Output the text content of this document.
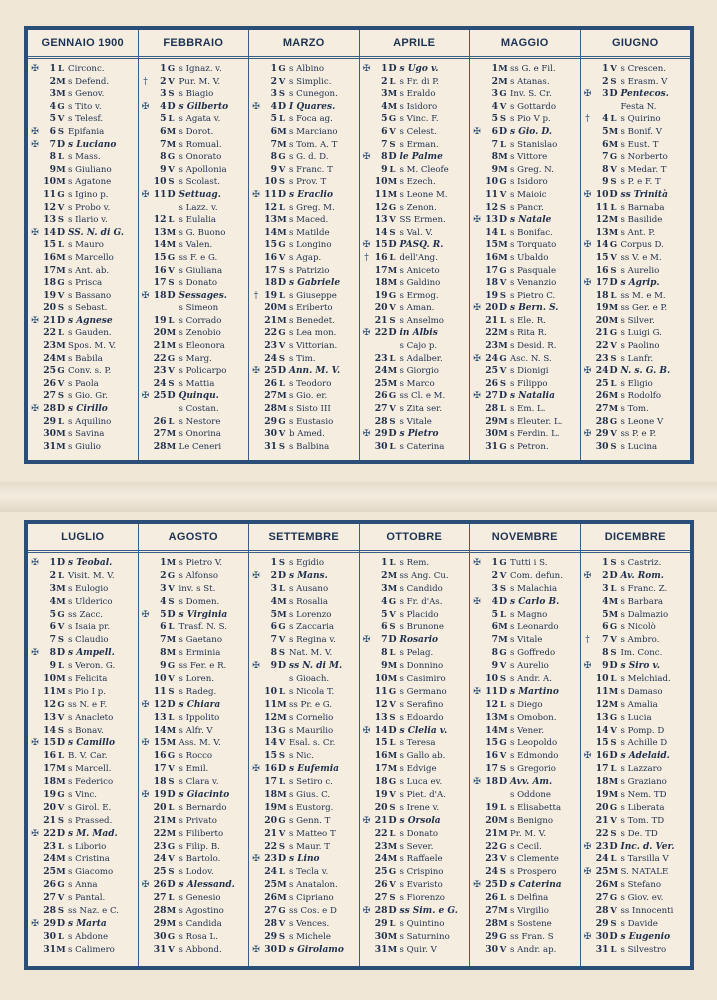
GENNAIO 1900
✠	1 L Circonc.
2 M s Defend.
3 M s Genov.
4 G s Tito v.
5 V s Telesf.
✠	6 S Epifania
✠	7 D s Luciano
8 L s Mass.
9 M s Giuliano
10 M s Agatone
11 G s Igino p.
12 V s Probo v.
13 S s Ilario v.
✠ 14 D SS. N. di G.
15 L s Mauro
16 M s Marcello
17 M s Ant. ab.
18 G s Prisca
19 V s Bassano
20 S s Sebast.
✠ 21 D s Agnese
22 L s Gauden.
23 M Spos. M. V.
24 M s Babila
25 G Conv. s. P.
26 V s Paola
27 S s Gio. Gr.
✠ 28 D s Cirillo
29 L s Aquilino
30 M s Savina
31 M s Giulio
FEBBRAIO
1 G s Ignaz. v.
†	2 V Pur. M. V.
3 S s Biagio
✠	4 D s Gilberto
5 L s Agata v.
6 M s Dorot.
7 M s Romual.
8 G s Onorato
9 V s Apollonia
10 S s Scolast.
✠ 11 D Settuag.
s Lazz. v.
12 L s Eulalia
13 M s G. Buono
14 M s Valen.
15 G ss F. e G.
16 V s Giuliana
17 S s Donato
✠ 18 D Sessages.
s Simeon
19 L s Corrado
20 M s Zenobio
21 M s Eleonora
22 G s Marg.
23 V s Policarpo
24 S s Mattia
✠ 25 D Quinqu.
s Costan.
26 L s Nestore
27 M s Onorina
28 M Le Ceneri
MARZO
1 G s Albino
2 V s Simplic.
3 S s Cunegon.
✠	4 D I Quares.
5 L s Foca ag.
6 M s Marciano
7 M s Tom. A. T
8 G s G. d. D.
9 V s Franc. T
10 S s Prov. T
✠ 11 D s Eraclio
12 L s Greg. M.
13 M s Maced.
14 M s Matilde
15 G s Longino
16 V s Agap.
17 S s Patrizio
18 D s Gabriele
† 19 L s Giuseppe
20 M s Eriberto
21 M s Benedet.
22 G s Lea mon.
23 V s Vittorian.
24 S s Tim.
✠ 25 D Ann. M. V.
26 L s Teodoro
27 M s Gio. er.
28 M s Sisto III
29 G s Eustasio
30 V b Amed.
31 S s Balbina
APRILE
✠	1 D s Ugo v.
2 L s Fr. di P.
3 M s Eraldo
4 M s Isidoro
5 G s Vinc. F.
6 V s Celest.
7 S s Erman.
✠	8 D le Palme
9 L s M. Cleofe
10 M s Ezech.
11 M s Leone M.
12 G s Zenon.
13 V SS Ermen.
14 S s Val. V.
✠ 15 D PASQ. R.
† 16 L dell'Ang.
17 M s Aniceto
18 M s Galdino
19 G s Ermog.
20 V s Aman.
21 S s Anselmo
✠ 22 D in Albis
s Cajo p.
23 L s Adalber.
24 M s Giorgio
25 M s Marco
26 G ss Cl. e M.
27 V s Zita ser.
28 S s Vitale
✠ 29 D s Pietro
30 L s Caterina
MAGGIO
1 M ss G. e Fil.
2 M s Atanas.
3 G Inv. S. Cr.
4 V s Gottardo
5 S s Pio V p.
✠	6 D s Gio. D.
7 L s Stanislao
8 M s Vittore
9 M s Greg. N.
10 G s Isidoro
11 V s Maioic
12 S s Pancr.
✠ 13 D s Natale
14 L s Bonifac.
15 M s Torquato
16 M s Ubaldo
17 G s Pasquale
18 V s Venanzio
19 S s Pietro C.
✠ 20 D s Bern. S.
21 L s Ele. R.
22 M s Rita R.
23 M s Desid. R.
✠ 24 G Asc. N. S.
25 V s Dionigi
26 S s Filippo
✠ 27 D s Natalia
28 L s Em. L.
29 M s Eleuter. L.
30 M s Ferdin. L.
31 G s Petron.
GIUGNO
1 V s Crescen.
2 S s Erasm. V
✠	3 D Pentecos.
Festa N.
†	4 L s Quirino
5 M s Bonif. V
6 M s Eust. T
7 G s Norberto
8 V s Medar. T
9 S s P. e F. T
✠ 10 D ss Trinità
11 L s Barnaba
12 M s Basilide
13 M s Ant. P.
✠ 14 G Corpus D.
15 V ss V. e M.
16 S s Aurelio
✠ 17 D s Agrip.
18 L ss M. e M.
19 M ss Ger. e P.
20 M s Silver.
21 G s Luigi G.
22 V s Paolino
23 S s Lanfr.
✠ 24 D N. s. G. B.
25 L s Eligio
26 M s Rodolfo
27 M s Tom.
28 G s Leone V
✠ 29 V ss P. e P.
30 S s Lucina
LUGLIO
✠	1 D s Teobal.
2 L Visit. M. V.
3 M s Eulogio
4 M s Ulderico
5 G ss Zacc.
6 V s Isaia pr.
7 S s Claudio
✠	8 D s Ampell.
9 L s Veron. G.
10 M s Felicita
11 M s Pio I p.
12 G ss N. e F.
13 V s Anacleto
14 S s Bonav.
✠ 15 D s Camillo
16 L B. V. Car.
17 M s Marcell.
18 M s Federico
19 G s Vinc.
20 V s Girol. E.
21 S s Prassed.
✠ 22 D s M. Mad.
23 L s Liborio
24 M s Cristina
25 M s Giacomo
26 G s Anna
27 V s Pantal.
28 S ss Naz. e C.
✠ 29 D s Marta
30 L s Abdone
31 M s Calimero
AGOSTO
1 M s Pietro V.
2 G s Alfonso
3 V inv. s St.
4 S s Domen.
✠	5 D s Virginia
6 L Trasf. N. S.
7 M s Gaetano
8 M s Erminia
9 G ss Fer. e R.
10 V s Loren.
11 S s Radeg.
✠ 12 D s Chiara
13 L s Ippolito
14 M s Alfr. V
✠ 15 M Ass. M. V.
16 G s Rocco
17 V s Emil.
18 S s Clara v.
✠ 19 D s Giacinto
20 L s Bernardo
21 M s Privato
22 M s Filiberto
23 G s Filip. B.
24 V s Bartolo.
25 S s Lodov.
✠ 26 D s Alessand.
27 L s Genesio
28 M s Agostino
29 M s Candida
30 G s Rosa L.
31 V s Abbond.
SETTEMBRE
1 S s Egidio
✠	2 D s Mans.
3 L s Ausano
4 M s Rosalia
5 M s Lorenzo
6 G s Zaccaria
7 V s Regina v.
8 S Nat. M. V.
✠	9 D ss N. di M.
s Gioach.
10 L s Nicola T.
11 M ss Pr. e G.
12 M s Cornelio
13 G s Maurilio
14 V Esal. s. Cr.
15 S s Nic.
✠ 16 D s Eufemia
17 L s Setiro c.
18 M s Gius. C.
19 M s Eustorg.
20 G s Genn. T
21 V s Matteo T
22 S s Maur. T
✠ 23 D s Lino
24 L s Tecla v.
25 M s Anatalon.
26 M s Cipriano
27 G ss Cos. e D
28 V s Vences.
29 S s Michele
✠ 30 D s Girolamo
OTTOBRE
1 L s Rem.
2 M ss Ang. Cu.
3 M s Candido
4 G s Fr. d'As.
5 V s Placido
6 S s Brunone
✠	7 D Rosario
8 L s Pelag.
9 M s Donnino
10 M s Casimiro
11 G s Germano
12 V s Serafino
13 S s Edoardo
✠ 14 D s Clelia v.
15 L s Teresa
16 M s Gallo ab.
17 M s Edvige
18 G s Luca ev.
19 V s Piet. d'A.
20 S s Irene v.
✠ 21 D s Orsola
22 L s Donato
23 M s Sever.
24 M s Raffaele
25 G s Crispino
26 V s Evaristo
27 S s Fiorenzo
✠ 28 D ss Sim. e G.
29 L s Quintino
30 M s Saturnino
31 M s Quir. V
NOVEMBRE
✠	1 G Tutti i S.
2 V Com. defun.
3 S s Malachia
✠	4 D s Carlo B.
5 L s Magno
6 M s Leonardo
7 M s Vitale
8 G s Goffredo
9 V s Aurelio
10 S s Andr. A.
✠ 11 D s Martino
12 L s Diego
13 M s Omobon.
14 M s Vener.
15 G s Leopoldo
16 V s Edmondo
17 S s Gregorio
✠ 18 D Avv. Am.
s Oddone
19 L s Elisabetta
20 M s Benigno
21 M Pr. M. V.
22 G s Cecil.
23 V s Clemente
24 S s Prospero
✠ 25 D s Caterina
26 L s Delfina
27 M s Virgilio
28 M s Sostene
29 G ss Fran. S
30 V s Andr. ap.
DICEMBRE
1 S s Castriz.
✠	2 D Av. Rom.
3 L s Franc. Z.
4 M s Barbara
5 M s Dalmazio
6 G s Nicolò
†	7 V s Ambro.
8 S Im. Conc.
✠	9 D s Siro v.
10 L s Melchiad.
11 M s Damaso
12 M s Amalia
13 G s Lucia
14 V s Pomp. D
15 S s Achille D
✠ 16 D s Adelaid.
17 L s Lazzaro
18 M s Graziano
19 M s Nem. TD
20 G s Liberata
21 V s Tom. TD
22 S s De. TD
✠ 23 D Inc. d. Ver.
24 L s Tarsilla V
✠ 25 M S. NATALE
26 M s Stefano
27 G s Giov. ev.
28 V ss Innocenti
29 S s Davide
✠ 30 D s Eugenio
31 L s Silvestro
